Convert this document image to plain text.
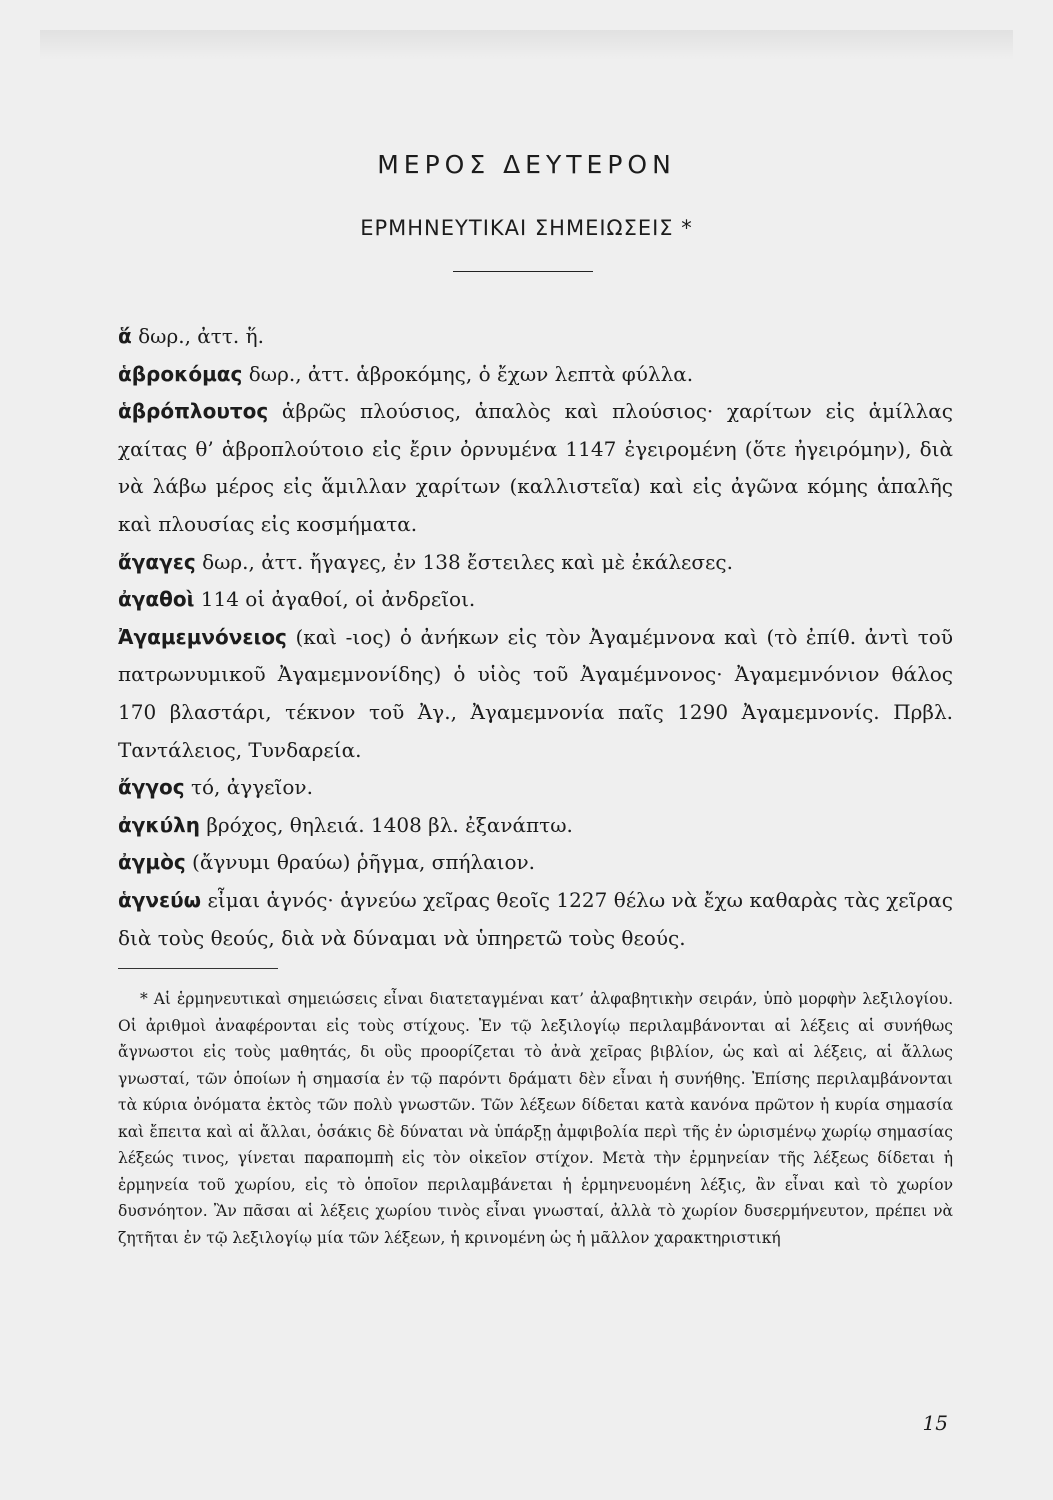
ΜΕΡΟΣ ΔΕΥΤΕΡΟΝ
ΕΡΜΗΝΕΥΤΙΚΑΙ ΣΗΜΕΙΩΣΕΙΣ *

ἅ δωρ., ἀττ. ἥ.

ἁβροκόμας δωρ., ἀττ. ἁβροκόμης, ὁ ἔχων λεπτὰ φύλλα.

ἁβρόπλουτος ἁβρῶς πλούσιος, ἁπαλὸς καὶ πλούσιος· χαρίτων εἰς ἁμίλλας χαίτας θ’ ἁβροπλούτοιο εἰς ἔριν ὀρνυμένα 1147 ἐγειρομένη (ὅτε ἠγειρόμην), διὰ νὰ λάβω μέρος εἰς ἅμιλλαν χαρίτων (καλλιστεῖα) καὶ εἰς ἀγῶνα κόμης ἁπαλῆς καὶ πλουσίας εἰς κοσμήματα.

ἄγαγες δωρ., ἀττ. ἤγαγες, ἐν 138 ἔστειλες καὶ μὲ ἐκάλεσες.

ἀγαθοὶ 114 οἱ ἀγαθοί, οἱ ἀνδρεῖοι.

Ἀγαμεμνόνειος (καὶ -ιος) ὁ ἀνήκων εἰς τὸν Ἀγαμέμνονα καὶ (τὸ ἐπίθ. ἀντὶ τοῦ πατρωνυμικοῦ Ἀγαμεμνονίδης) ὁ υἱὸς τοῦ Ἀγαμέμνονος· Ἀγαμεμνόνιον θάλος 170 βλαστάρι, τέκνον τοῦ Ἀγ., Ἀγαμεμνονία παῖς 1290 Ἀγαμεμνονίς. Πρβλ. Ταντάλειος, Τυνδαρεία.

ἄγγος τό, ἀγγεῖον.

ἀγκύλη βρόχος, θηλειά. 1408 βλ. ἐξανάπτω.

ἀγμὸς (ἄγνυμι θραύω) ῥῆγμα, σπήλαιον.

ἁγνεύω εἶμαι ἁγνός· ἁγνεύω χεῖρας θεοῖς 1227 θέλω νὰ ἔχω καθαρὰς τὰς χεῖρας διὰ τοὺς θεούς, διὰ νὰ δύναμαι νὰ ὑπηρετῶ τοὺς θεούς.

* Αἱ ἑρμηνευτικαὶ σημειώσεις εἶναι διατεταγμέναι κατ’ ἀλφαβητικὴν σειράν, ὑπὸ μορφὴν λεξιλογίου. Οἱ ἀριθμοὶ ἀναφέρονται εἰς τοὺς στίχους. Ἐν τῷ λεξιλογίῳ περιλαμβάνονται αἱ λέξεις αἱ συνήθως ἄγνωστοι εἰς τοὺς μαθητάς, δι οὓς προορίζεται τὸ ἀνὰ χεῖρας βιβλίον, ὡς καὶ αἱ λέξεις, αἱ ἄλλως γνωσταί, τῶν ὁποίων ἡ σημασία ἐν τῷ παρόντι δράματι δὲν εἶναι ἡ συνήθης. Ἐπίσης περιλαμβάνονται τὰ κύρια ὀνόματα ἐκτὸς τῶν πολὺ γνωστῶν. Τῶν λέξεων δίδεται κατὰ κανόνα πρῶτον ἡ κυρία σημασία καὶ ἔπειτα καὶ αἱ ἄλλαι, ὁσάκις δὲ δύναται νὰ ὑπάρξῃ ἀμφιβολία περὶ τῆς ἐν ὡρισμένῳ χωρίῳ σημασίας λέξεώς τινος, γίνεται παραπομπὴ εἰς τὸν οἰκεῖον στίχον. Μετὰ τὴν ἑρμηνείαν τῆς λέξεως δίδεται ἡ ἑρμηνεία τοῦ χωρίου, εἰς τὸ ὁποῖον περιλαμβάνεται ἡ ἑρμηνευομένη λέξις, ἂν εἶναι καὶ τὸ χωρίον δυσνόητον. Ἂν πᾶσαι αἱ λέξεις χωρίου τινὸς εἶναι γνωσταί, ἀλλὰ τὸ χωρίον δυσερμήνευτον, πρέπει νὰ ζητῆται ἐν τῷ λεξιλογίῳ μία τῶν λέξεων, ἡ κρινομένη ὡς ἡ μᾶλλον χαρακτηριστική

15
